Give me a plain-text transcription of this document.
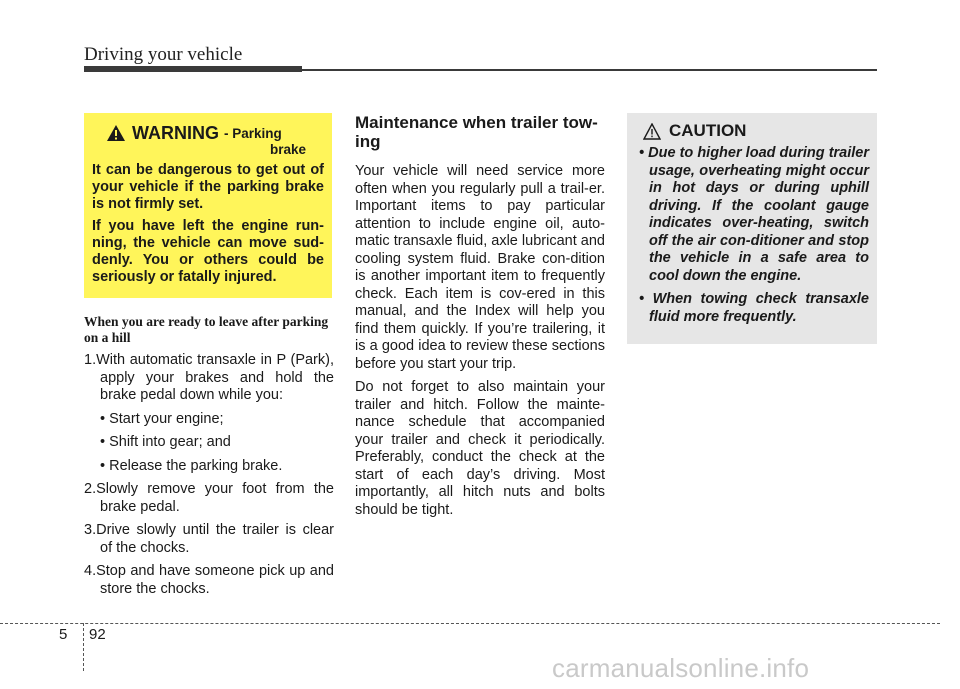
Driving your vehicle
WARNING - Parking
brake

It can be dangerous to get out of your vehicle if the parking brake is not firmly set.

If you have left the engine run-ning, the vehicle can move sud-denly. You or others could be seriously or fatally injured.

When you are ready to leave after parking on a hill

1.With automatic transaxle in P (Park), apply your brakes and hold the brake pedal down while you:

• Start your engine;

• Shift into gear; and

• Release the parking brake.

2.Slowly remove your foot from the brake pedal.

3.Drive slowly until the trailer is clear of the chocks.

4.Stop and have someone pick up and store the chocks.

Maintenance when trailer tow-ing

Your vehicle will need service more often when you regularly pull a trail-er. Important items to pay particular attention to include engine oil, auto-matic transaxle fluid, axle lubricant and cooling system fluid. Brake con-dition is another important item to frequently check. Each item is cov-ered in this manual, and the Index will help you find them quickly. If you’re trailering, it is a good idea to review these sections before you start your trip.

Do not forget to also maintain your trailer and hitch. Follow the mainte-nance schedule that accompanied your trailer and check it periodically. Preferably, conduct the check at the start of each day’s driving. Most importantly, all hitch nuts and bolts should be tight.

CAUTION

• Due to higher load during trailer usage, overheating might occur in hot days or during uphill driving. If the coolant gauge indicates over-heating, switch off the air con-ditioner and stop the vehicle in a safe area to cool down the engine.

• When towing check transaxle fluid more frequently.

5 92
carmanualsonline.info
